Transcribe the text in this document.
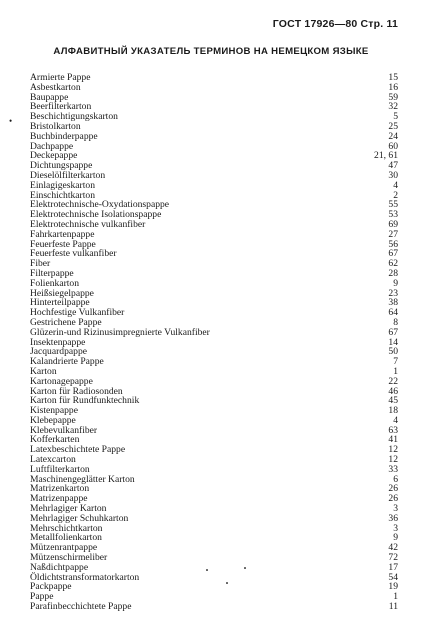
ГОСТ 17926—80 Стр. 11
АЛФАВИТНЫЙ УКАЗАТЕЛЬ ТЕРМИНОВ НА НЕМЕЦКОМ ЯЗЫКЕ
•
Armierte Pappe	15
Asbestkarton	16
Baupappe	59
Beerfilterkarton	32
Beschichtigungskarton	5
Bristolkarton	25
Buchbinderpappe	24
Dachpappe	60
Deckepappe	21, 61
Dichtungspappe	47
Dieselölfilterkarton	30
Einlagigeskarton	4
Einschichtkarton	2
Elektrotechnische-Oxydationspappe	55
Elektrotechnische Isolationspappe	53
Elektrotechnische vulkanfiber	69
Fahrkartenpappe	27
Feuerfeste Pappe	56
Feuerfeste vulkanfiber	67
Fiber	62
Filterpappe	28
Folienkarton	9
Heißsiegelpappe	23
Hinterteilpappe	38
Hochfestige Vulkanfiber	64
Gestrichene Pappe	8
Glüzerin-und Rizinusimpregnierte Vulkanfiber	67
Insektenpappe	14
Jacquardpappe	50
Kalandrierte Pappe	7
Karton	1
Kartonagepappe	22
Karton für Radiosonden	46
Karton für Rundfunktechnik	45
Kistenpappe	18
Klebepappe	4
Klebevulkanfiber	63
Kofferkarten	41
Latexbeschichtete Pappe	12
Latexcarton	12
Luftfilterkarton	33
Maschinengeglätter Karton	6
Matrizenkarton	26
Matrizenpappe	26
Mehrlagiger Karton	3
Mehrlagiger Schuhkarton	36
Mehrschichtkarton	3
Metallfolienkarton	9
Mützenrantpappe	42
Mützenschirmeliber	72
Naßdichtpappe	17
Öldichtstransformatorkarton	54
Packpappe	19
Pappe	1
Parafinbecchichtete Pappe	11
